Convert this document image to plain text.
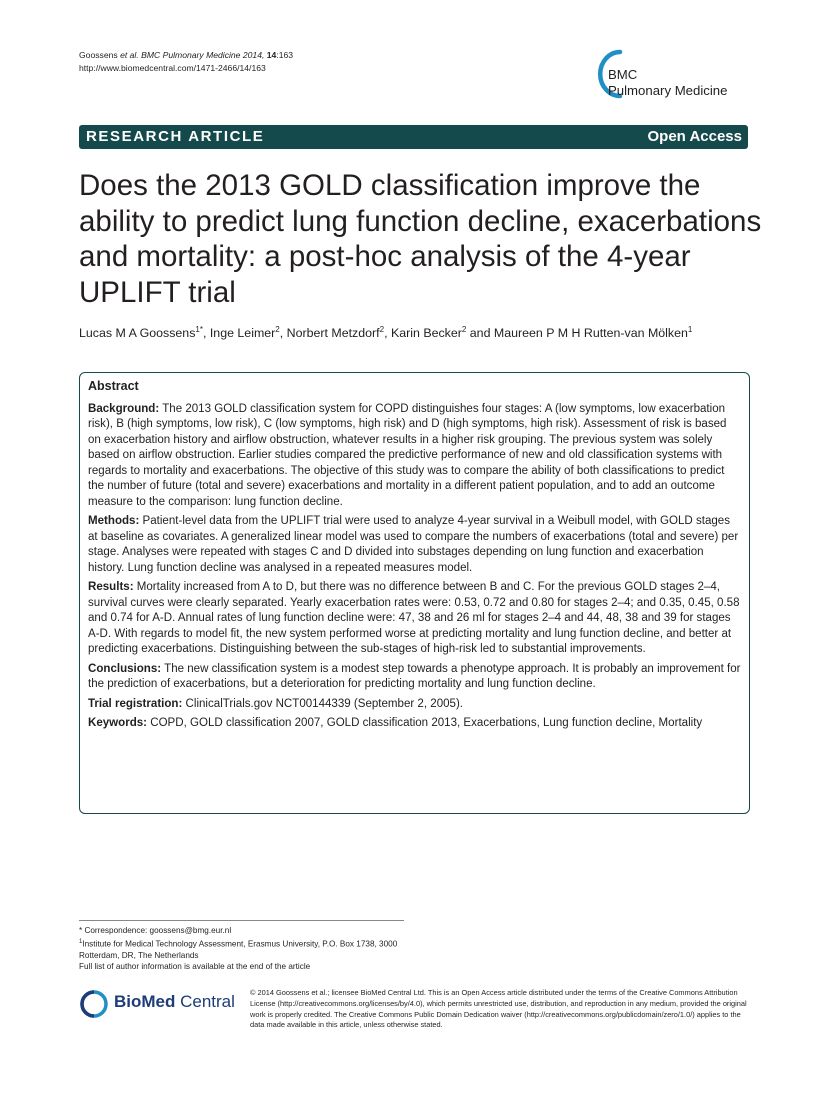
Goossens et al. BMC Pulmonary Medicine 2014, 14:163
http://www.biomedcentral.com/1471-2466/14/163	BMC
Pulmonary Medicine
RESEARCH ARTICLE	Open Access
Does the 2013 GOLD classification improve the ability to predict lung function decline, exacerbations and mortality: a post-hoc analysis of the 4-year UPLIFT trial
Lucas M A Goossens$^{1*}$, Inge Leimer$^2$, Norbert Metzdorf$^2$, Karin Becker$^2$ and Maureen P M H Rutten-van Mölken$^1$
Abstract

Background: The 2013 GOLD classification system for COPD distinguishes four stages: A (low symptoms, low exacerbation risk), B (high symptoms, low risk), C (low symptoms, high risk) and D (high symptoms, high risk). Assessment of risk is based on exacerbation history and airflow obstruction, whatever results in a higher risk grouping. The previous system was solely based on airflow obstruction. Earlier studies compared the predictive performance of new and old classification systems with regards to mortality and exacerbations. The objective of this study was to compare the ability of both classifications to predict the number of future (total and severe) exacerbations and mortality in a different patient population, and to add an outcome measure to the comparison: lung function decline.

Methods: Patient-level data from the UPLIFT trial were used to analyze 4-year survival in a Weibull model, with GOLD stages at baseline as covariates. A generalized linear model was used to compare the numbers of exacerbations (total and severe) per stage. Analyses were repeated with stages C and D divided into substages depending on lung function and exacerbation history. Lung function decline was analysed in a repeated measures model.

Results: Mortality increased from A to D, but there was no difference between B and C. For the previous GOLD stages 2–4, survival curves were clearly separated. Yearly exacerbation rates were: 0.53, 0.72 and 0.80 for stages 2–4; and 0.35, 0.45, 0.58 and 0.74 for A-D. Annual rates of lung function decline were: 47, 38 and 26 ml for stages 2–4 and 44, 48, 38 and 39 for stages A-D. With regards to model fit, the new system performed worse at predicting mortality and lung function decline, and better at predicting exacerbations. Distinguishing between the sub-stages of high-risk led to substantial improvements.

Conclusions: The new classification system is a modest step towards a phenotype approach. It is probably an improvement for the prediction of exacerbations, but a deterioration for predicting mortality and lung function decline.

Trial registration: ClinicalTrials.gov NCT00144339 (September 2, 2005).

Keywords: COPD, GOLD classification 2007, GOLD classification 2013, Exacerbations, Lung function decline, Mortality

* Correspondence: goossens@bmg.eur.nl

$^1$Institute for Medical Technology Assessment, Erasmus University, P.O. Box 1738, 3000 Rotterdam, DR, The Netherlands

Full list of author information is available at the end of the article

BioMed Central © 2014 Goossens et al.; licensee BioMed Central Ltd. This is an Open Access article distributed under the terms of the Creative Commons Attribution License (http://creativecommons.org/licenses/by/4.0), which permits unrestricted use, distribution, and reproduction in any medium, provided the original work is properly credited. The Creative Commons Public Domain Dedication waiver (http://creativecommons.org/publicdomain/zero/1.0/) applies to the data made available in this article, unless otherwise stated.
